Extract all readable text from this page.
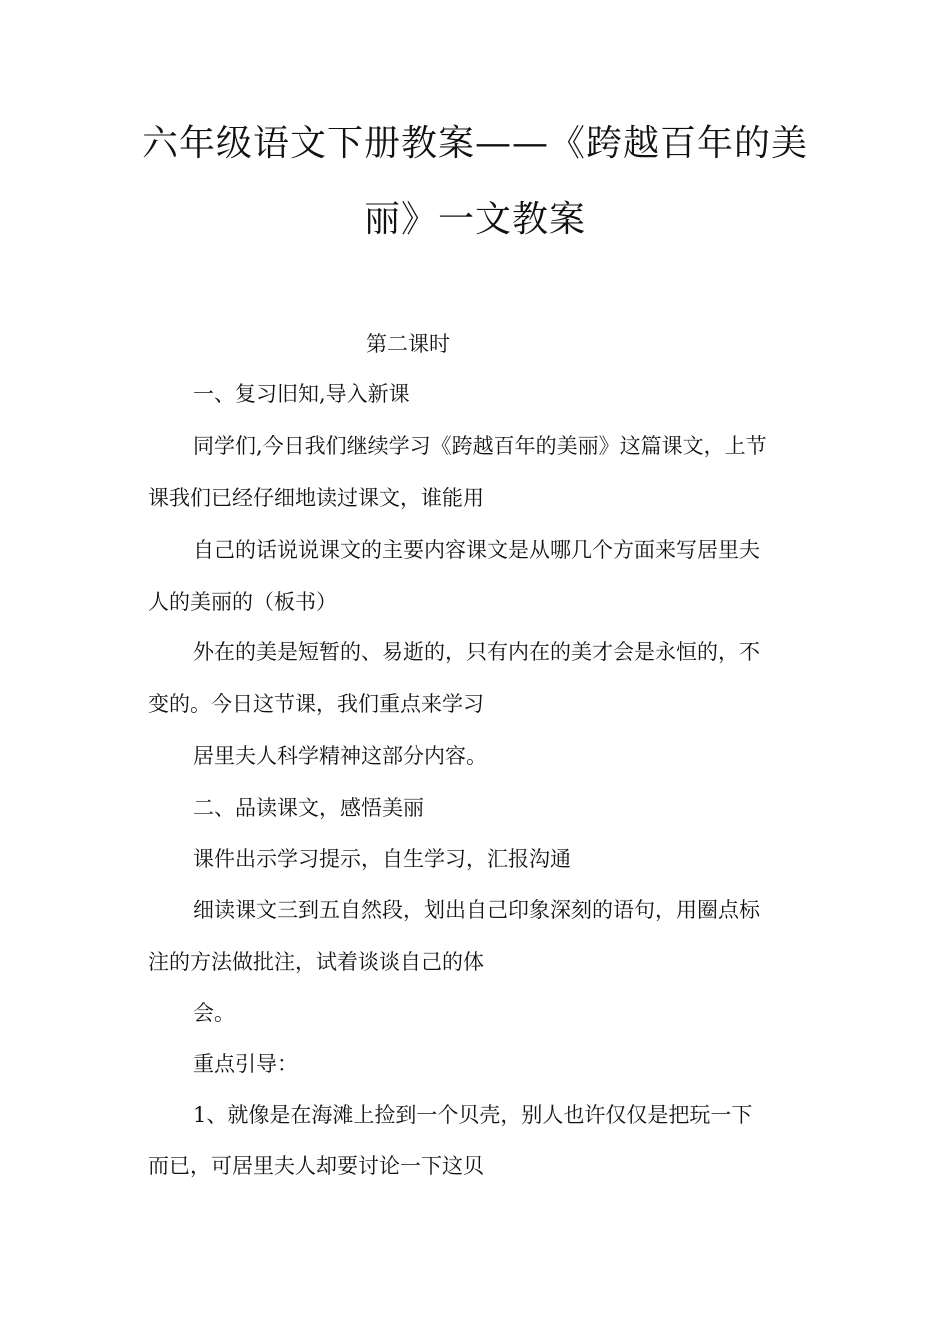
六年级语文下册教案——《跨越百年的美
丽》一文教案
第二课时
一、复习旧知,导入新课
同学们,今日我们继续学习《跨越百年的美丽》这篇课文，上节
课我们已经仔细地读过课文，谁能用
自己的话说说课文的主要内容课文是从哪几个方面来写居里夫
人的美丽的（板书）
外在的美是短暂的、易逝的，只有内在的美才会是永恒的，不
变的。今日这节课，我们重点来学习
居里夫人科学精神这部分内容。
二、品读课文，感悟美丽
课件出示学习提示，自生学习，汇报沟通
细读课文三到五自然段，划出自己印象深刻的语句，用圈点标
注的方法做批注，试着谈谈自己的体
会。
重点引导：
1、就像是在海滩上捡到一个贝壳，别人也许仅仅是把玩一下
而已，可居里夫人却要讨论一下这贝
